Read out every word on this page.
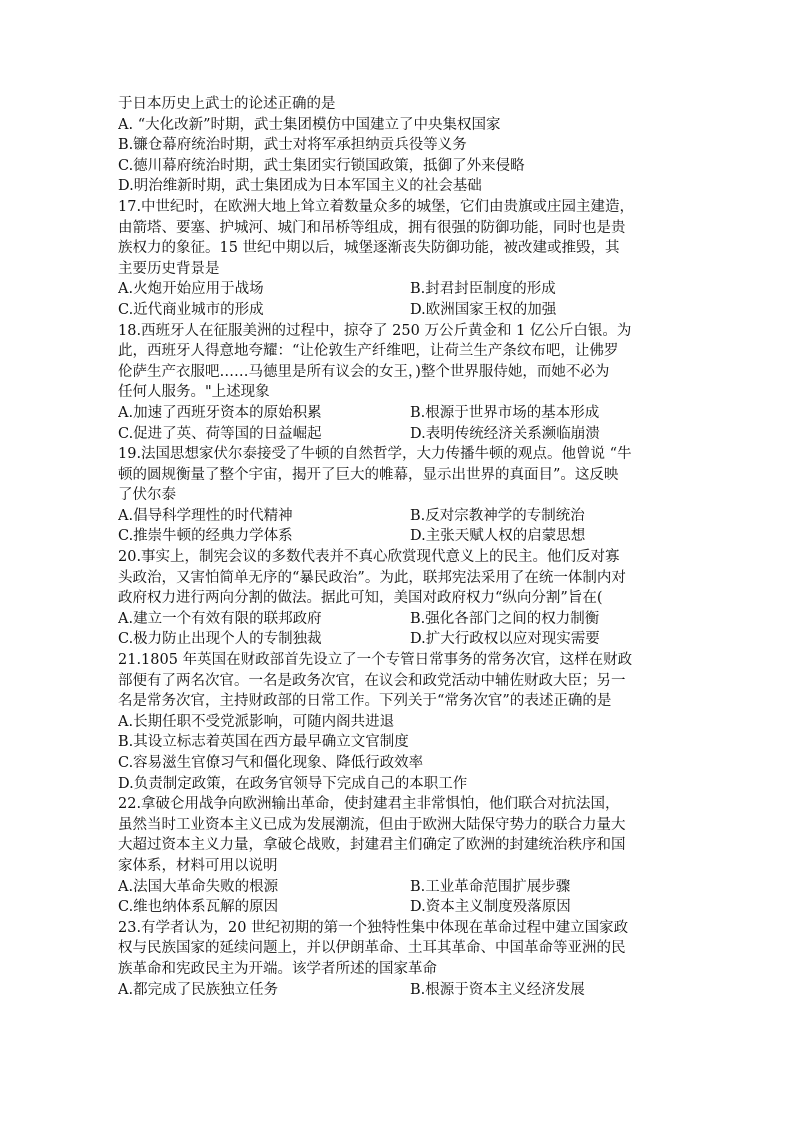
于日本历史上武士的论述正确的是
A. “大化改新”时期，武士集团模仿中国建立了中央集权国家
B.镰仓幕府统治时期，武士对将军承担纳贡兵役等义务
C.德川幕府统治时期，武士集团实行锁国政策，抵御了外来侵略
D.明治维新时期，武士集团成为日本军国主义的社会基础
17.中世纪时，在欧洲大地上耸立着数量众多的城堡，它们由贵旗或庄园主建造，
由箭塔、要塞、护城河、城门和吊桥等组成，拥有很强的防御功能，同时也是贵
族权力的象征。15 世纪中期以后，城堡逐渐丧失防御功能，被改建或推毁，其
主要历史背景是
A.火炮开始应用于战场	B.封君封臣制度的形成
C.近代商业城市的形成	D.欧洲国家王权的加强
18.西班牙人在征服美洲的过程中，掠夺了 250 万公斤黄金和 1 亿公斤白银。为
此，西班牙人得意地夸耀：“让伦敦生产纤维吧，让荷兰生产条纹布吧，让佛罗
伦萨生产衣服吧……马德里是所有议会的女王，)整个世界服侍她，而她不必为
任何人服务。"上述现象
A.加速了西班牙资本的原始积累	B.根源于世界市场的基本形成
C.促进了英、荷等国的日益崛起	D.表明传统经济关系濒临崩溃
19.法国思想家伏尔泰接受了牛顿的自然哲学，大力传播牛顿的观点。他曾说 “牛
顿的圆规衡量了整个宇宙，揭开了巨大的帷幕，显示出世界的真面目”。这反映
了伏尔泰
A.倡导科学理性的时代精神	B.反对宗教神学的专制统治
C.推崇牛顿的经典力学体系	D.主张天赋人权的启蒙思想
20.事实上，制宪会议的多数代表并不真心欣赏现代意义上的民主。他们反对寡
头政治，又害怕简单无序的“暴民政治”。为此，联邦宪法采用了在统一体制内对
政府权力进行两向分割的做法。据此可知，美国对政府权力“纵向分割”旨在(
A.建立一个有效有限的联邦政府	B.强化各部门之间的权力制衡
C.极力防止出现个人的专制独裁	D.扩大行政权以应对现实需要
21.1805 年英国在财政部首先设立了一个专管日常事务的常务次官，这样在财政
部便有了两名次官。一名是政务次官，在议会和政党活动中辅佐财政大臣；另一
名是常务次官，主持财政部的日常工作。下列关于“常务次官”的表述正确的是
A.长期任职不受党派影响，可随内阁共进退
B.其设立标志着英国在西方最早确立文官制度
C.容易滋生官僚习气和僵化现象、降低行政效率
D.负责制定政策，在政务官领导下完成自己的本职工作
22.拿破仑用战争向欧洲输出革命，使封建君主非常惧怕，他们联合对抗法国，
虽然当时工业资本主义已成为发展潮流，但由于欧洲大陆保守势力的联合力量大
大超过资本主义力量，拿破仑战败，封建君主们确定了欧洲的封建统治秩序和国
家体系，材料可用以说明
A.法国大革命失败的根源	B.工业革命范围扩展步骤
C.维也纳体系瓦解的原因	D.资本主义制度殁落原因
23.有学者认为，20 世纪初期的第一个独特性集中体现在革命过程中建立国家政
权与民族国家的延续问题上，并以伊朗革命、土耳其革命、中国革命等亚洲的民
族革命和宪政民主为开端。该学者所述的国家革命
A.都完成了民族独立任务	B.根源于资本主义经济发展
